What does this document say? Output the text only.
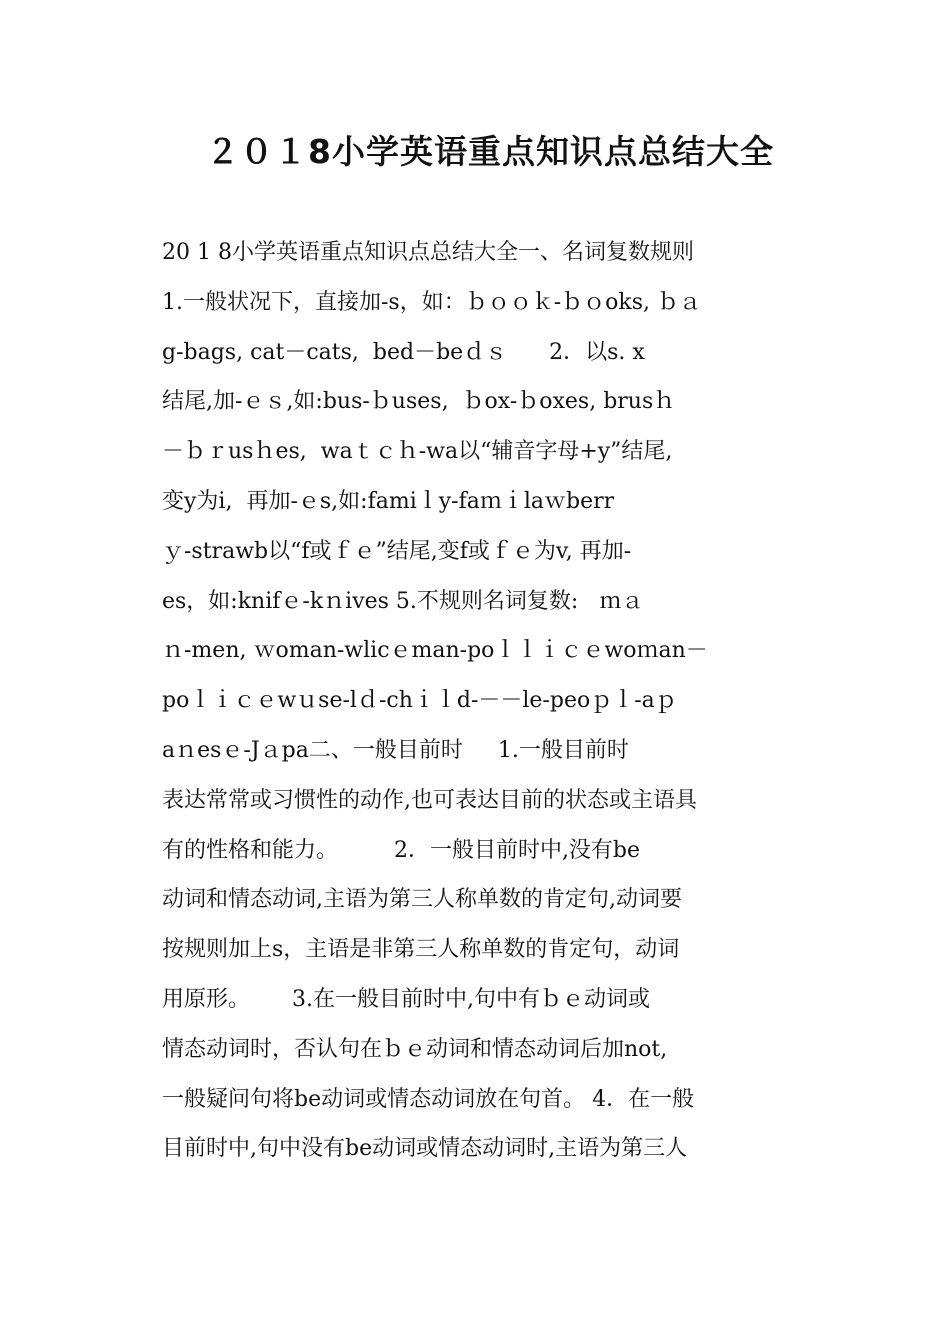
２０１8小学英语重点知识点总结大全
20 1 8小学英语重点知识点总结大全一、名词复数规则
1.一般状况下，直接加-s，如：ｂｏｏｋ-ｂｏoks, ｂａ
g-bags, cat－cats,  bed－beｄｓ      2．以s. x
结尾,加-ｅｓ,如:bus-ｂuses,  ｂox-ｂoxes, brusｈ
－ｂｒusｈes,  waｔｃｈ-wa以“辅音字母+y”结尾,
变y为i,  再加-ｅs,如:famiｌy-faｍｉlaｗberr
ｙ-strawb以“f或ｆｅ”结尾,变f或ｆｅ为v, 再加-
es，如:knifｅ-kｎives 5.不规则名词复数:   ｍａ
ｎ-men, ｗoman-wlicｅman-poｌｌｉｃｅwoｍan－
poｌｉｃｅwｕse-lｄ-chｉｌd-－－le-peoｐｌ-aｐ
aｎesｅ-Jａpa二、一般目前时     1.一般目前时
表达常常或习惯性的动作,也可表达目前的状态或主语具
有的性格和能力。        2．一般目前时中,没有be
动词和情态动词,主语为第三人称单数的肯定句,动词要
按规则加上s，主语是非第三人称单数的肯定句，动词
用原形。      3.在一般目前时中,句中有ｂｅ动词或
情态动词时，否认句在ｂｅ动词和情态动词后加not,
一般疑问句将be动词或情态动词放在句首。 4．在一般
目前时中,句中没有be动词或情态动词时,主语为第三人
